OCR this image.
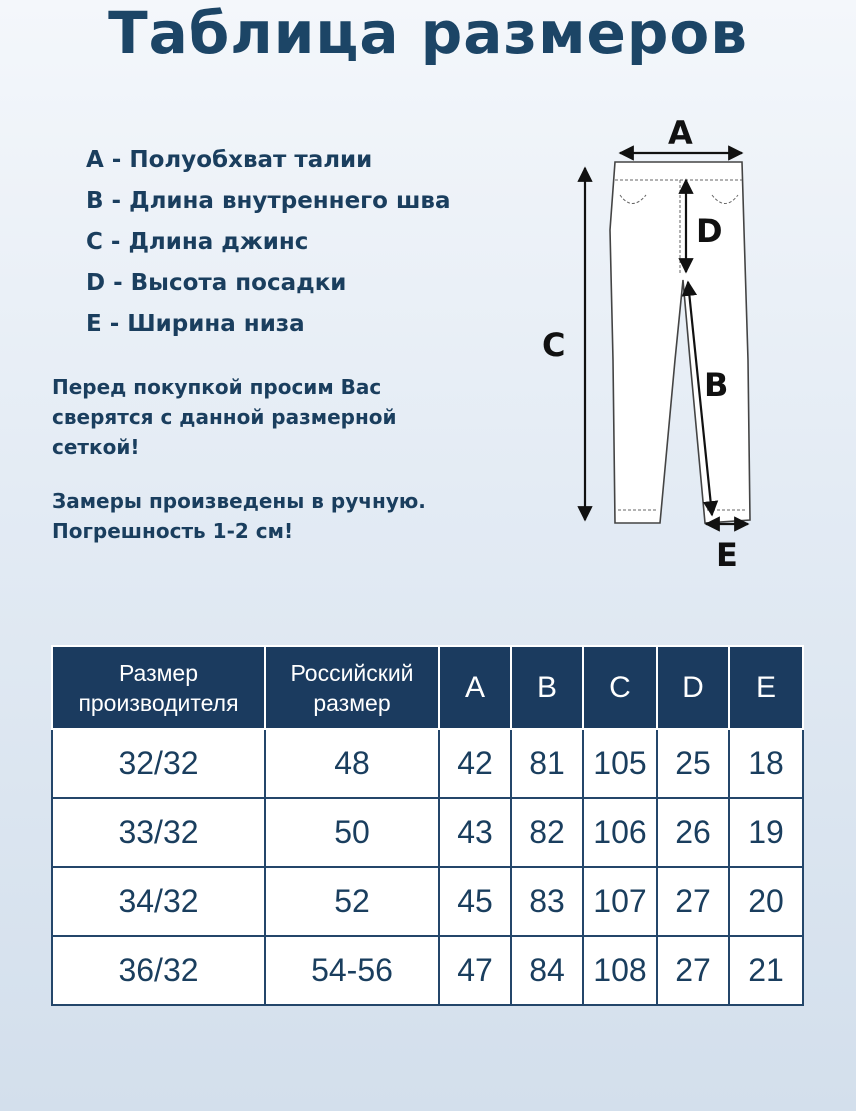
Таблица размеров
A - Полуобхват талии
B - Длина внутреннего шва
C - Длина джинс
D - Высота посадки
E - Ширина низа
Перед покупкой просим Вас
сверятся с данной размерной
сеткой!
Замеры произведены в ручную.
Погрешность 1-2 см!
A
C
D
B
E
Размер производителя	Российский размер	A	B	C	D	E
32/32	48	42	81	105	25	18
33/32	50	43	82	106	26	19
34/32	52	45	83	107	27	20
36/32	54-56	47	84	108	27	21
